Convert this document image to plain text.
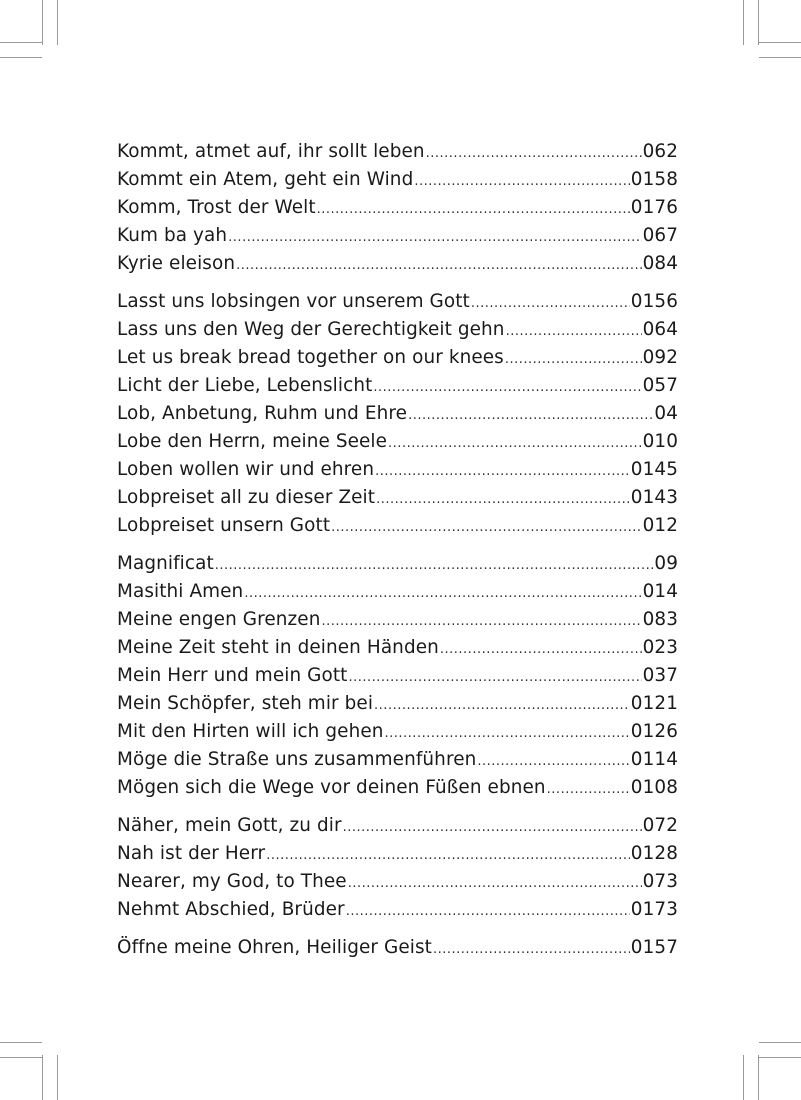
Kommt, atmet auf, ihr sollt leben .....	062
Kommt ein Atem, geht ein Wind .....	0158
Komm, Trost der Welt .....	0176
Kum ba yah .....	067
Kyrie eleison .....	084
Lasst uns lobsingen vor unserem Gott .....	0156
Lass uns den Weg der Gerechtigkeit gehn .....	064
Let us break bread together on our knees .....	092
Licht der Liebe, Lebenslicht .....	057
Lob, Anbetung, Ruhm und Ehre .....	04
Lobe den Herrn, meine Seele .....	010
Loben wollen wir und ehren .....	0145
Lobpreiset all zu dieser Zeit .....	0143
Lobpreiset unsern Gott .....	012
Magnificat .....	09
Masithi Amen .....	014
Meine engen Grenzen .....	083
Meine Zeit steht in deinen Händen .....	023
Mein Herr und mein Gott .....	037
Mein Schöpfer, steh mir bei .....	0121
Mit den Hirten will ich gehen .....	0126
Möge die Straße uns zusammenführen .....	0114
Mögen sich die Wege vor deinen Füßen ebnen .....	0108
Näher, mein Gott, zu dir .....	072
Nah ist der Herr .....	0128
Nearer, my God, to Thee .....	073
Nehmt Abschied, Brüder .....	0173
Öffne meine Ohren, Heiliger Geist .....	0157
